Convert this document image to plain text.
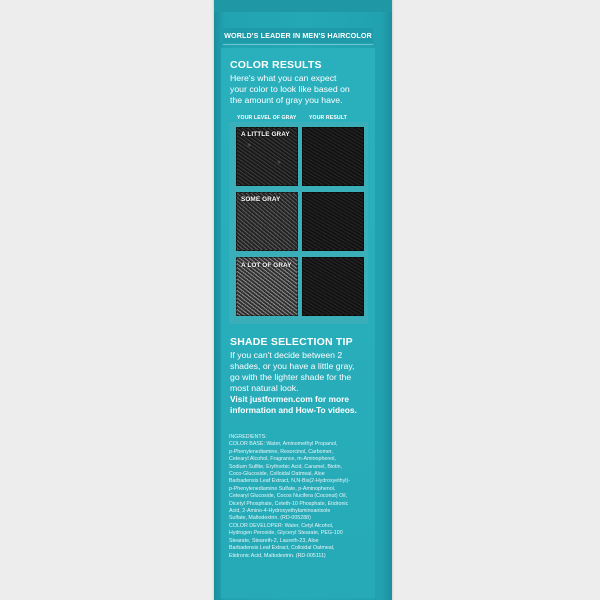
WORLD'S LEADER IN MEN'S HAIRCOLOR
COLOR RESULTS
Here's what you can expect
your color to look like based on
the amount of gray you have.
YOUR LEVEL OF GRAY YOUR RESULT
A LITTLE GRAY
SOME GRAY
A LOT OF GRAY
SHADE SELECTION TIP
If you can't decide between 2
shades, or you have a little gray,
go with the lighter shade for the
most natural look.
Visit justformen.com for more
information and How-To videos.
INGREDIENTS:
COLOR BASE: Water, Aminomethyl Propanol,
p-Phenylenediamine, Resorcinol, Carbomer,
Cetearyl Alcohol, Fragrance, m-Aminophenol,
Sodium Sulfite, Erythorbic Acid, Caramel, Biotin,
Coco-Glucoside, Colloidal Oatmeal, Aloe
Barbadensis Leaf Extract, N,N-Bis(2-Hydroxyethyl)-
p-Phenylenediamine Sulfate, p-Aminophenol,
Cetearyl Glucoside, Cocos Nucifera (Coconut) Oil,
Dicetyl Phosphate, Ceteth-10 Phosphate, Etidronic
Acid, 2-Amino-4-Hydroxyethylaminoanisole
Sulfate, Maltodextrin. (RD-005288)
COLOR DEVELOPER: Water, Cetyl Alcohol,
Hydrogen Peroxide, Glyceryl Stearate, PEG-100
Stearate, Steareth-2, Laureth-23, Aloe
Barbadensis Leaf Extract, Colloidal Oatmeal,
Etidronic Acid, Maltodextrin. (RD-005111)
